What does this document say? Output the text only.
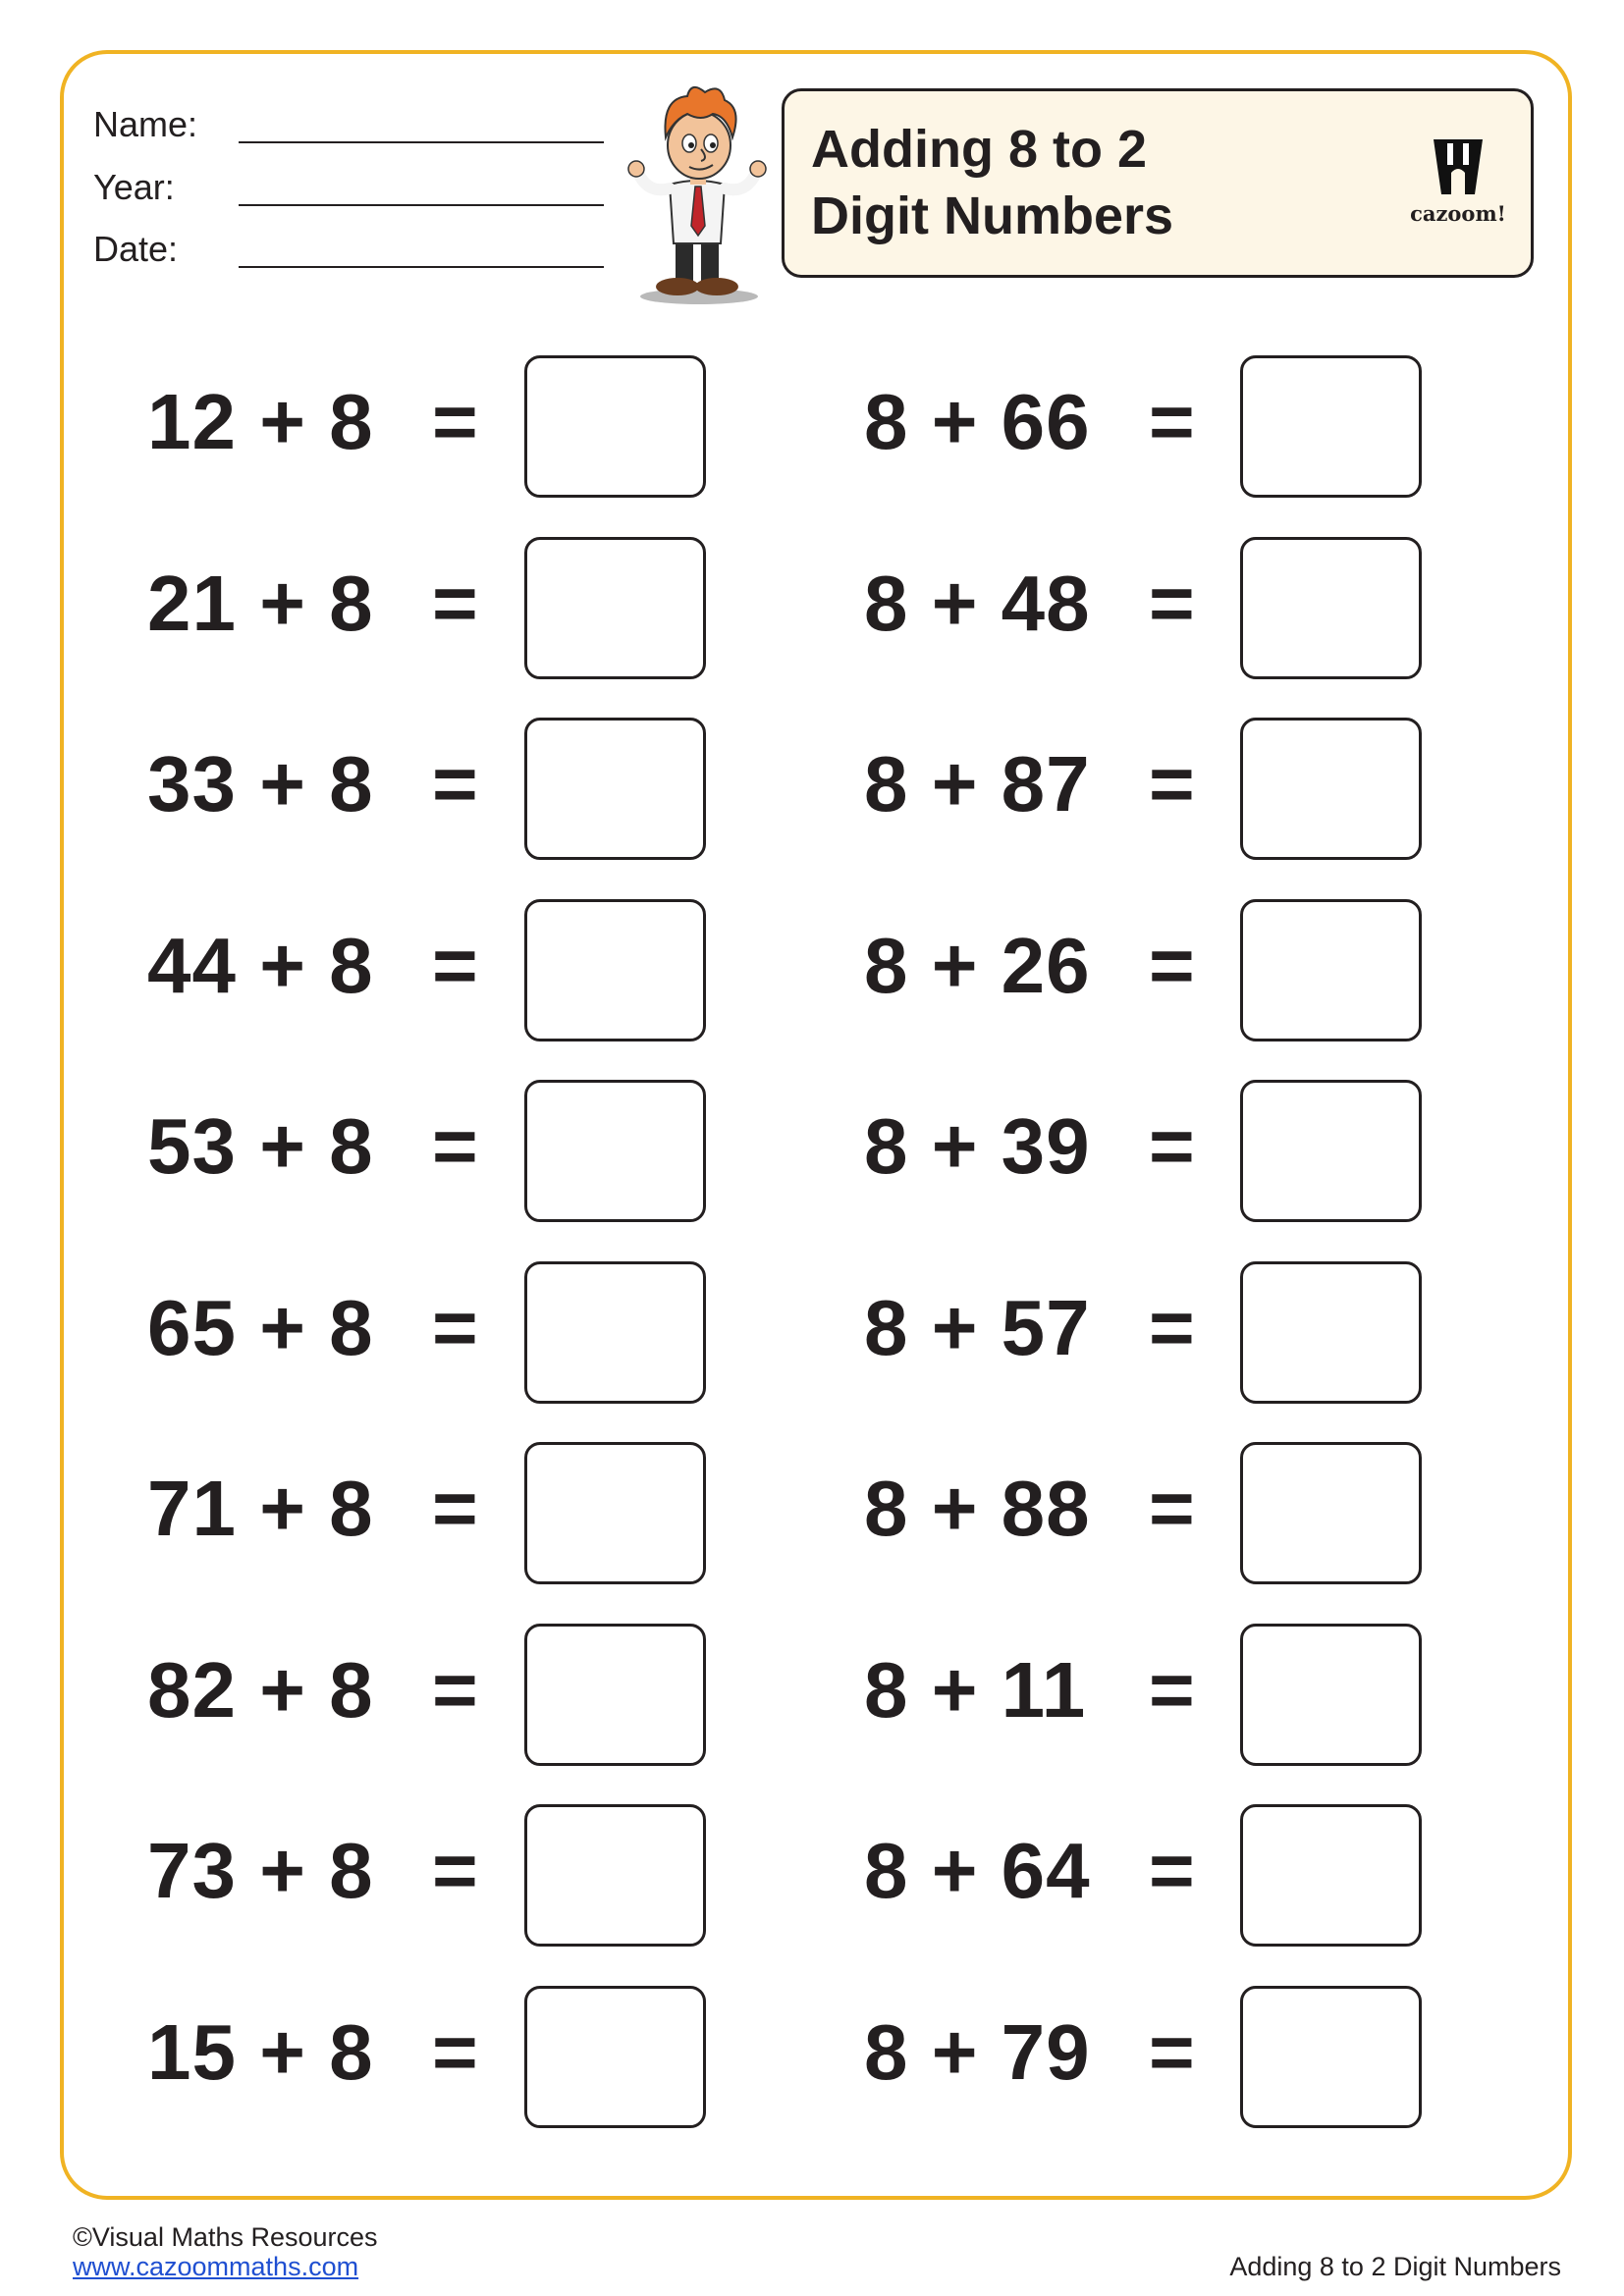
Name:
Year:
Date:
Adding 8 to 2
Digit Numbers	cazoom!
12 + 8 =	8 + 66 =
21 + 8 =	8 + 48 =
33 + 8 =	8 + 87 =
44 + 8 =	8 + 26 =
53 + 8 =	8 + 39 =
65 + 8 =	8 + 57 =
71 + 8 =	8 + 88 =
82 + 8 =	8 + 11 =
73 + 8 =	8 + 64 =
15 + 8 =	8 + 79 =
©Visual Maths Resources
www.cazoommaths.com	Adding 8 to 2 Digit Numbers
